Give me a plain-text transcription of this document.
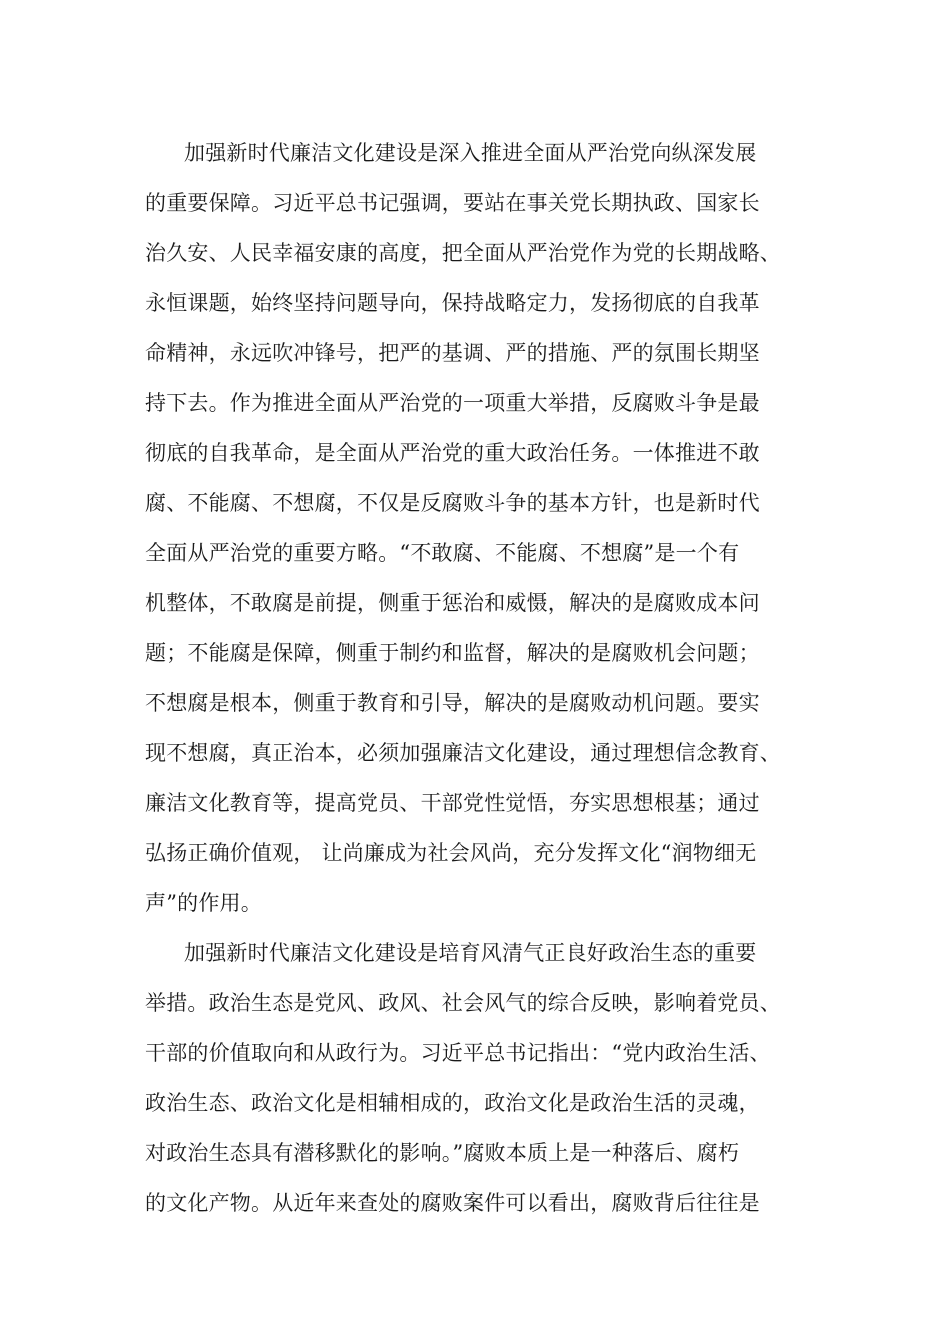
加强新时代廉洁文化建设是深入推进全面从严治党向纵深发展

的重要保障。习近平总书记强调，要站在事关党长期执政、国家长

治久安、人民幸福安康的高度，把全面从严治党作为党的长期战略、

永恒课题，始终坚持问题导向，保持战略定力，发扬彻底的自我革

命精神，永远吹冲锋号，把严的基调、严的措施、严的氛围长期坚

持下去。作为推进全面从严治党的一项重大举措，反腐败斗争是最

彻底的自我革命，是全面从严治党的重大政治任务。一体推进不敢

腐、不能腐、不想腐，不仅是反腐败斗争的基本方针，也是新时代

全面从严治党的重要方略。“不敢腐、不能腐、不想腐”是一个有

机整体，不敢腐是前提，侧重于惩治和威慑，解决的是腐败成本问

题；不能腐是保障，侧重于制约和监督，解决的是腐败机会问题；

不想腐是根本，侧重于教育和引导，解决的是腐败动机问题。要实

现不想腐，真正治本，必须加强廉洁文化建设，通过理想信念教育、

廉洁文化教育等，提高党员、干部党性觉悟，夯实思想根基；通过

弘扬正确价值观， 让尚廉成为社会风尚，充分发挥文化“润物细无

声”的作用。

加强新时代廉洁文化建设是培育风清气正良好政治生态的重要

举措。政治生态是党风、政风、社会风气的综合反映，影响着党员、

干部的价值取向和从政行为。习近平总书记指出：“党内政治生活、

政治生态、政治文化是相辅相成的，政治文化是政治生活的灵魂，

对政治生态具有潜移默化的影响。”腐败本质上是一种落后、腐朽

的文化产物。从近年来查处的腐败案件可以看出，腐败背后往往是
